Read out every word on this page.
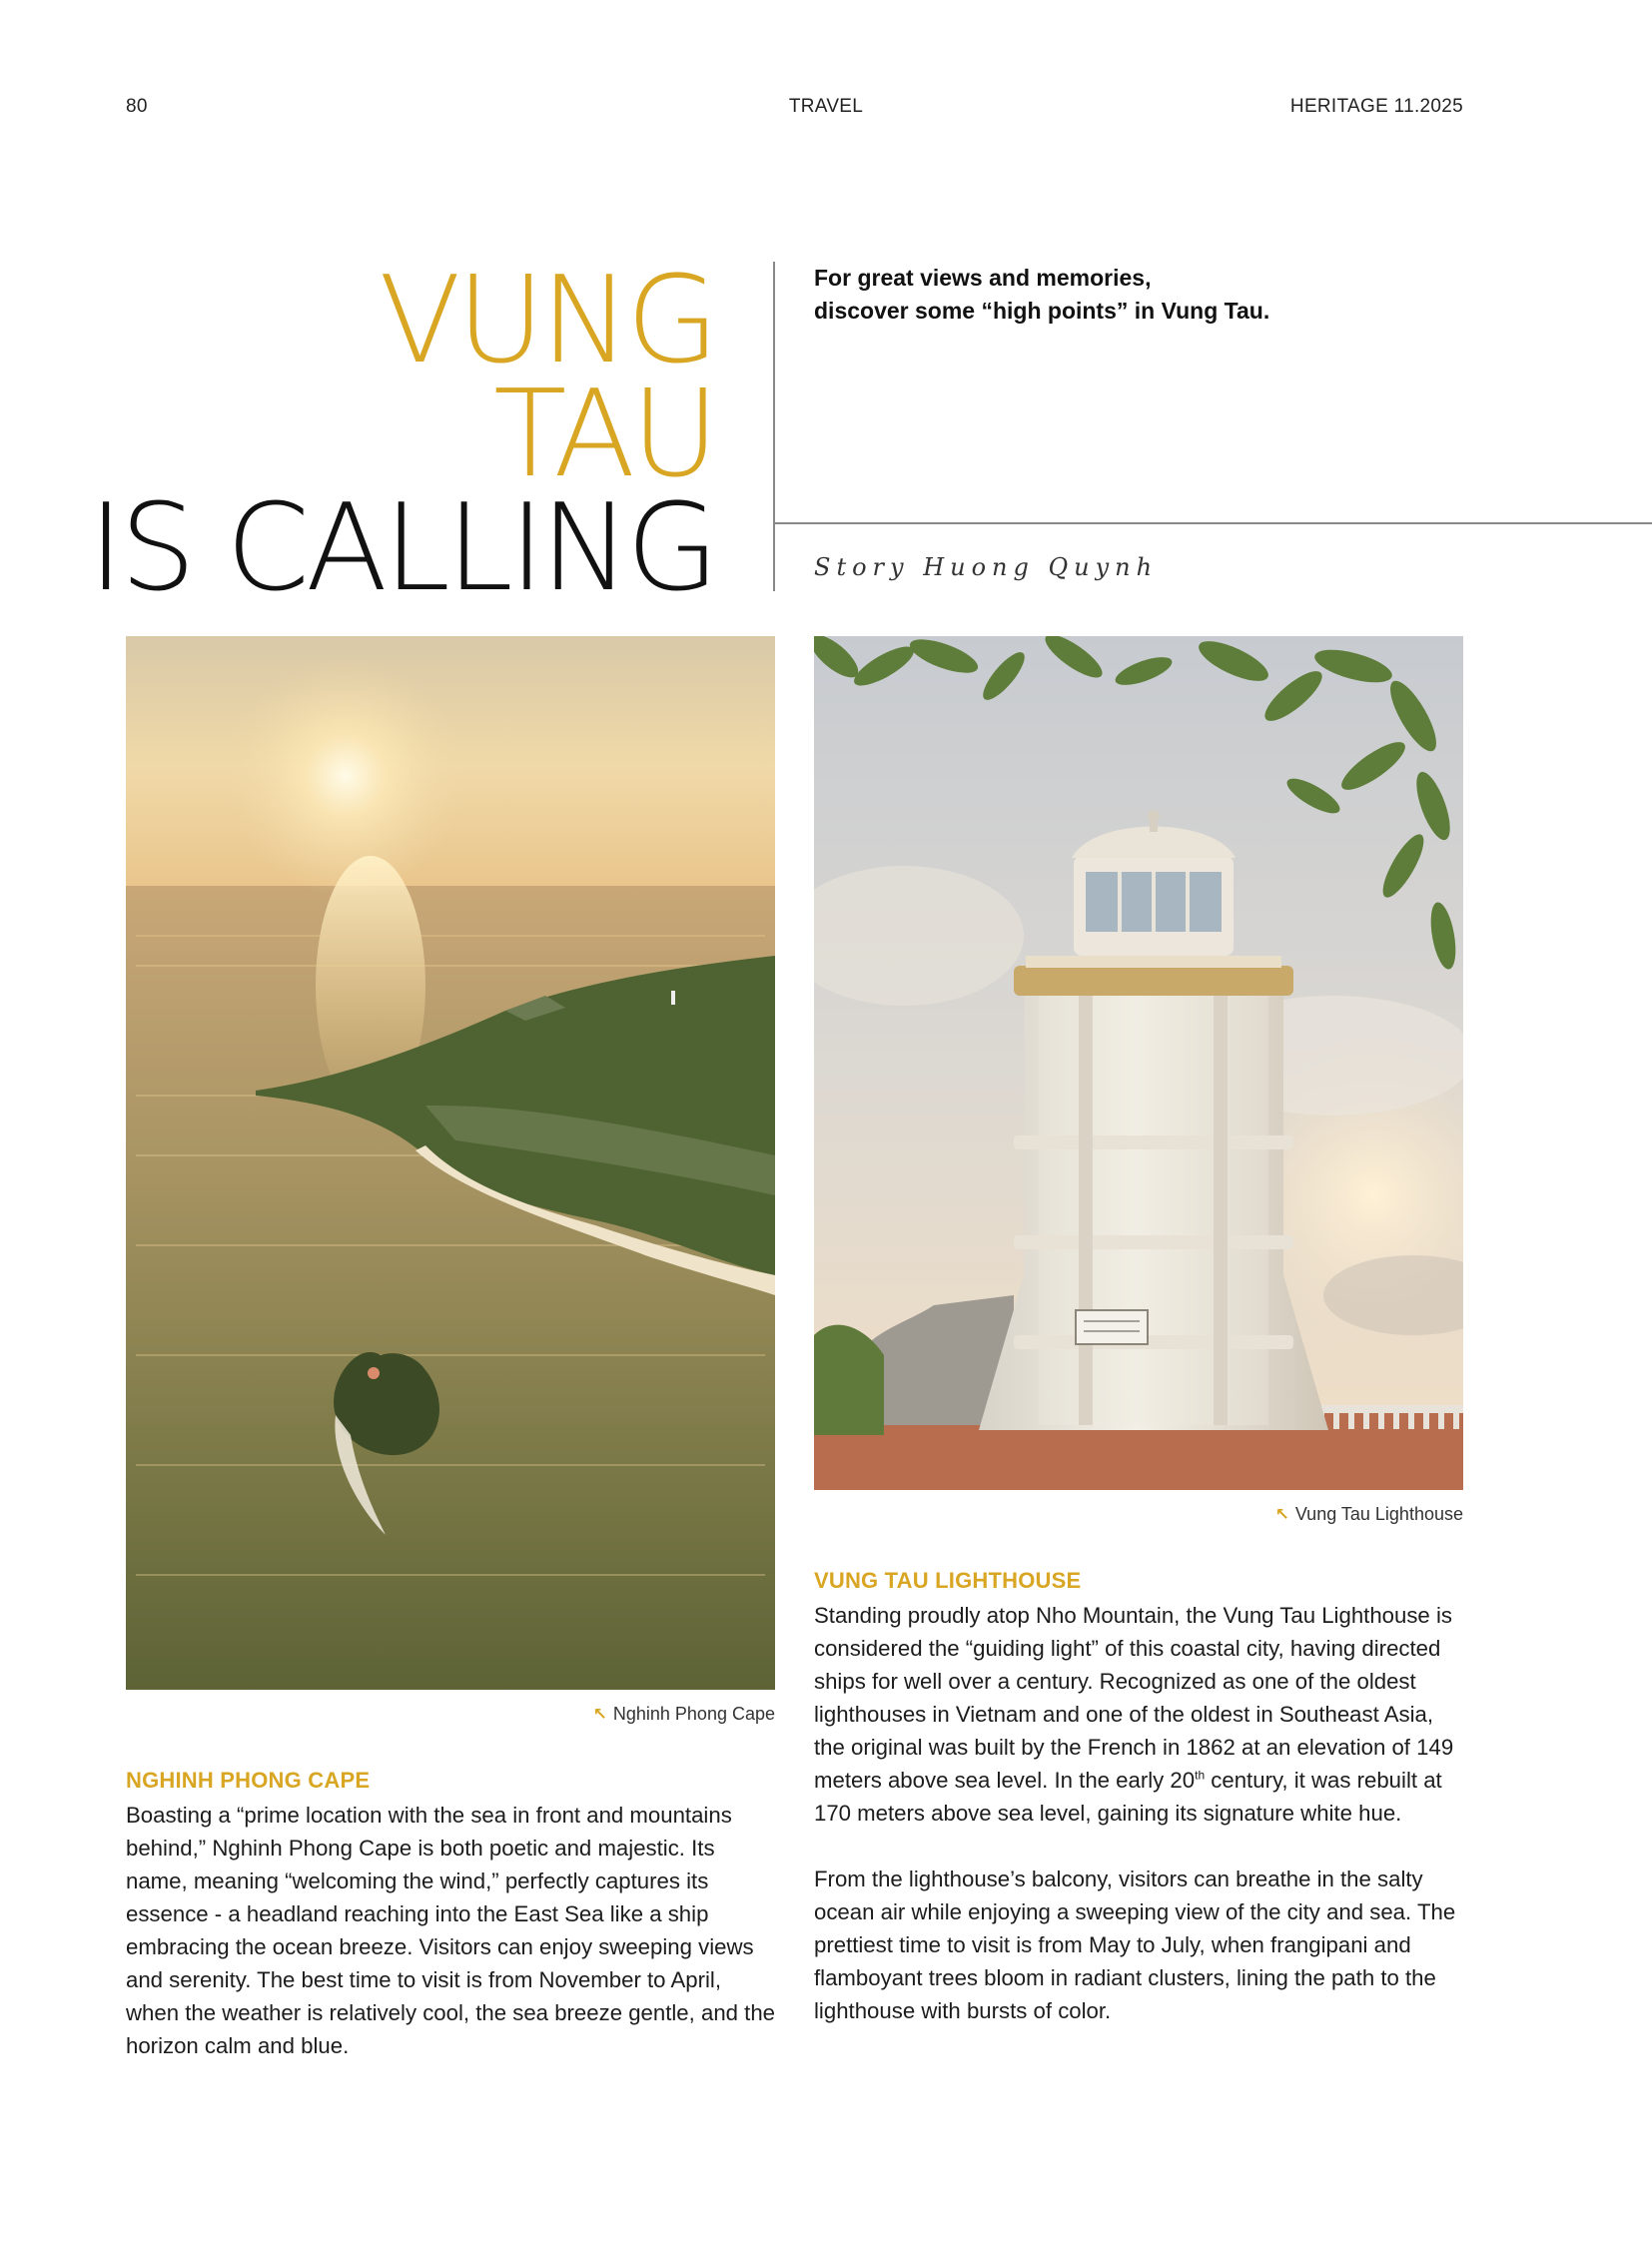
80	TRAVEL	HERITAGE 11.2025
VUNG
TAU
IS CALLING
For great views and memories,
discover some “high points” in Vung Tau.
Story Huong Quynh
↖ Nghinh Phong Cape
↖ Vung Tau Lighthouse
NGHINH PHONG CAPE

Boasting a “prime location with the sea in front and mountains behind,” Nghinh Phong Cape is both poetic and majestic. Its name, meaning “welcoming the wind,” perfectly captures its essence - a headland reaching into the East Sea like a ship embracing the ocean breeze. Visitors can enjoy sweeping views and serenity. The best time to visit is from November to April, when the weather is relatively cool, the sea breeze gentle, and the horizon calm and blue.

VUNG TAU LIGHTHOUSE

Standing proudly atop Nho Mountain, the Vung Tau Lighthouse is considered the “guiding light” of this coastal city, having directed ships for well over a century. Recognized as one of the oldest lighthouses in Vietnam and one of the oldest in Southeast Asia, the original was built by the French in 1862 at an elevation of 149 meters above sea level. In the early 20th century, it was rebuilt at 170 meters above sea level, gaining its signature white hue.

From the lighthouse’s balcony, visitors can breathe in the salty ocean air while enjoying a sweeping view of the city and sea. The prettiest time to visit is from May to July, when frangipani and flamboyant trees bloom in radiant clusters, lining the path to the lighthouse with bursts of color.
